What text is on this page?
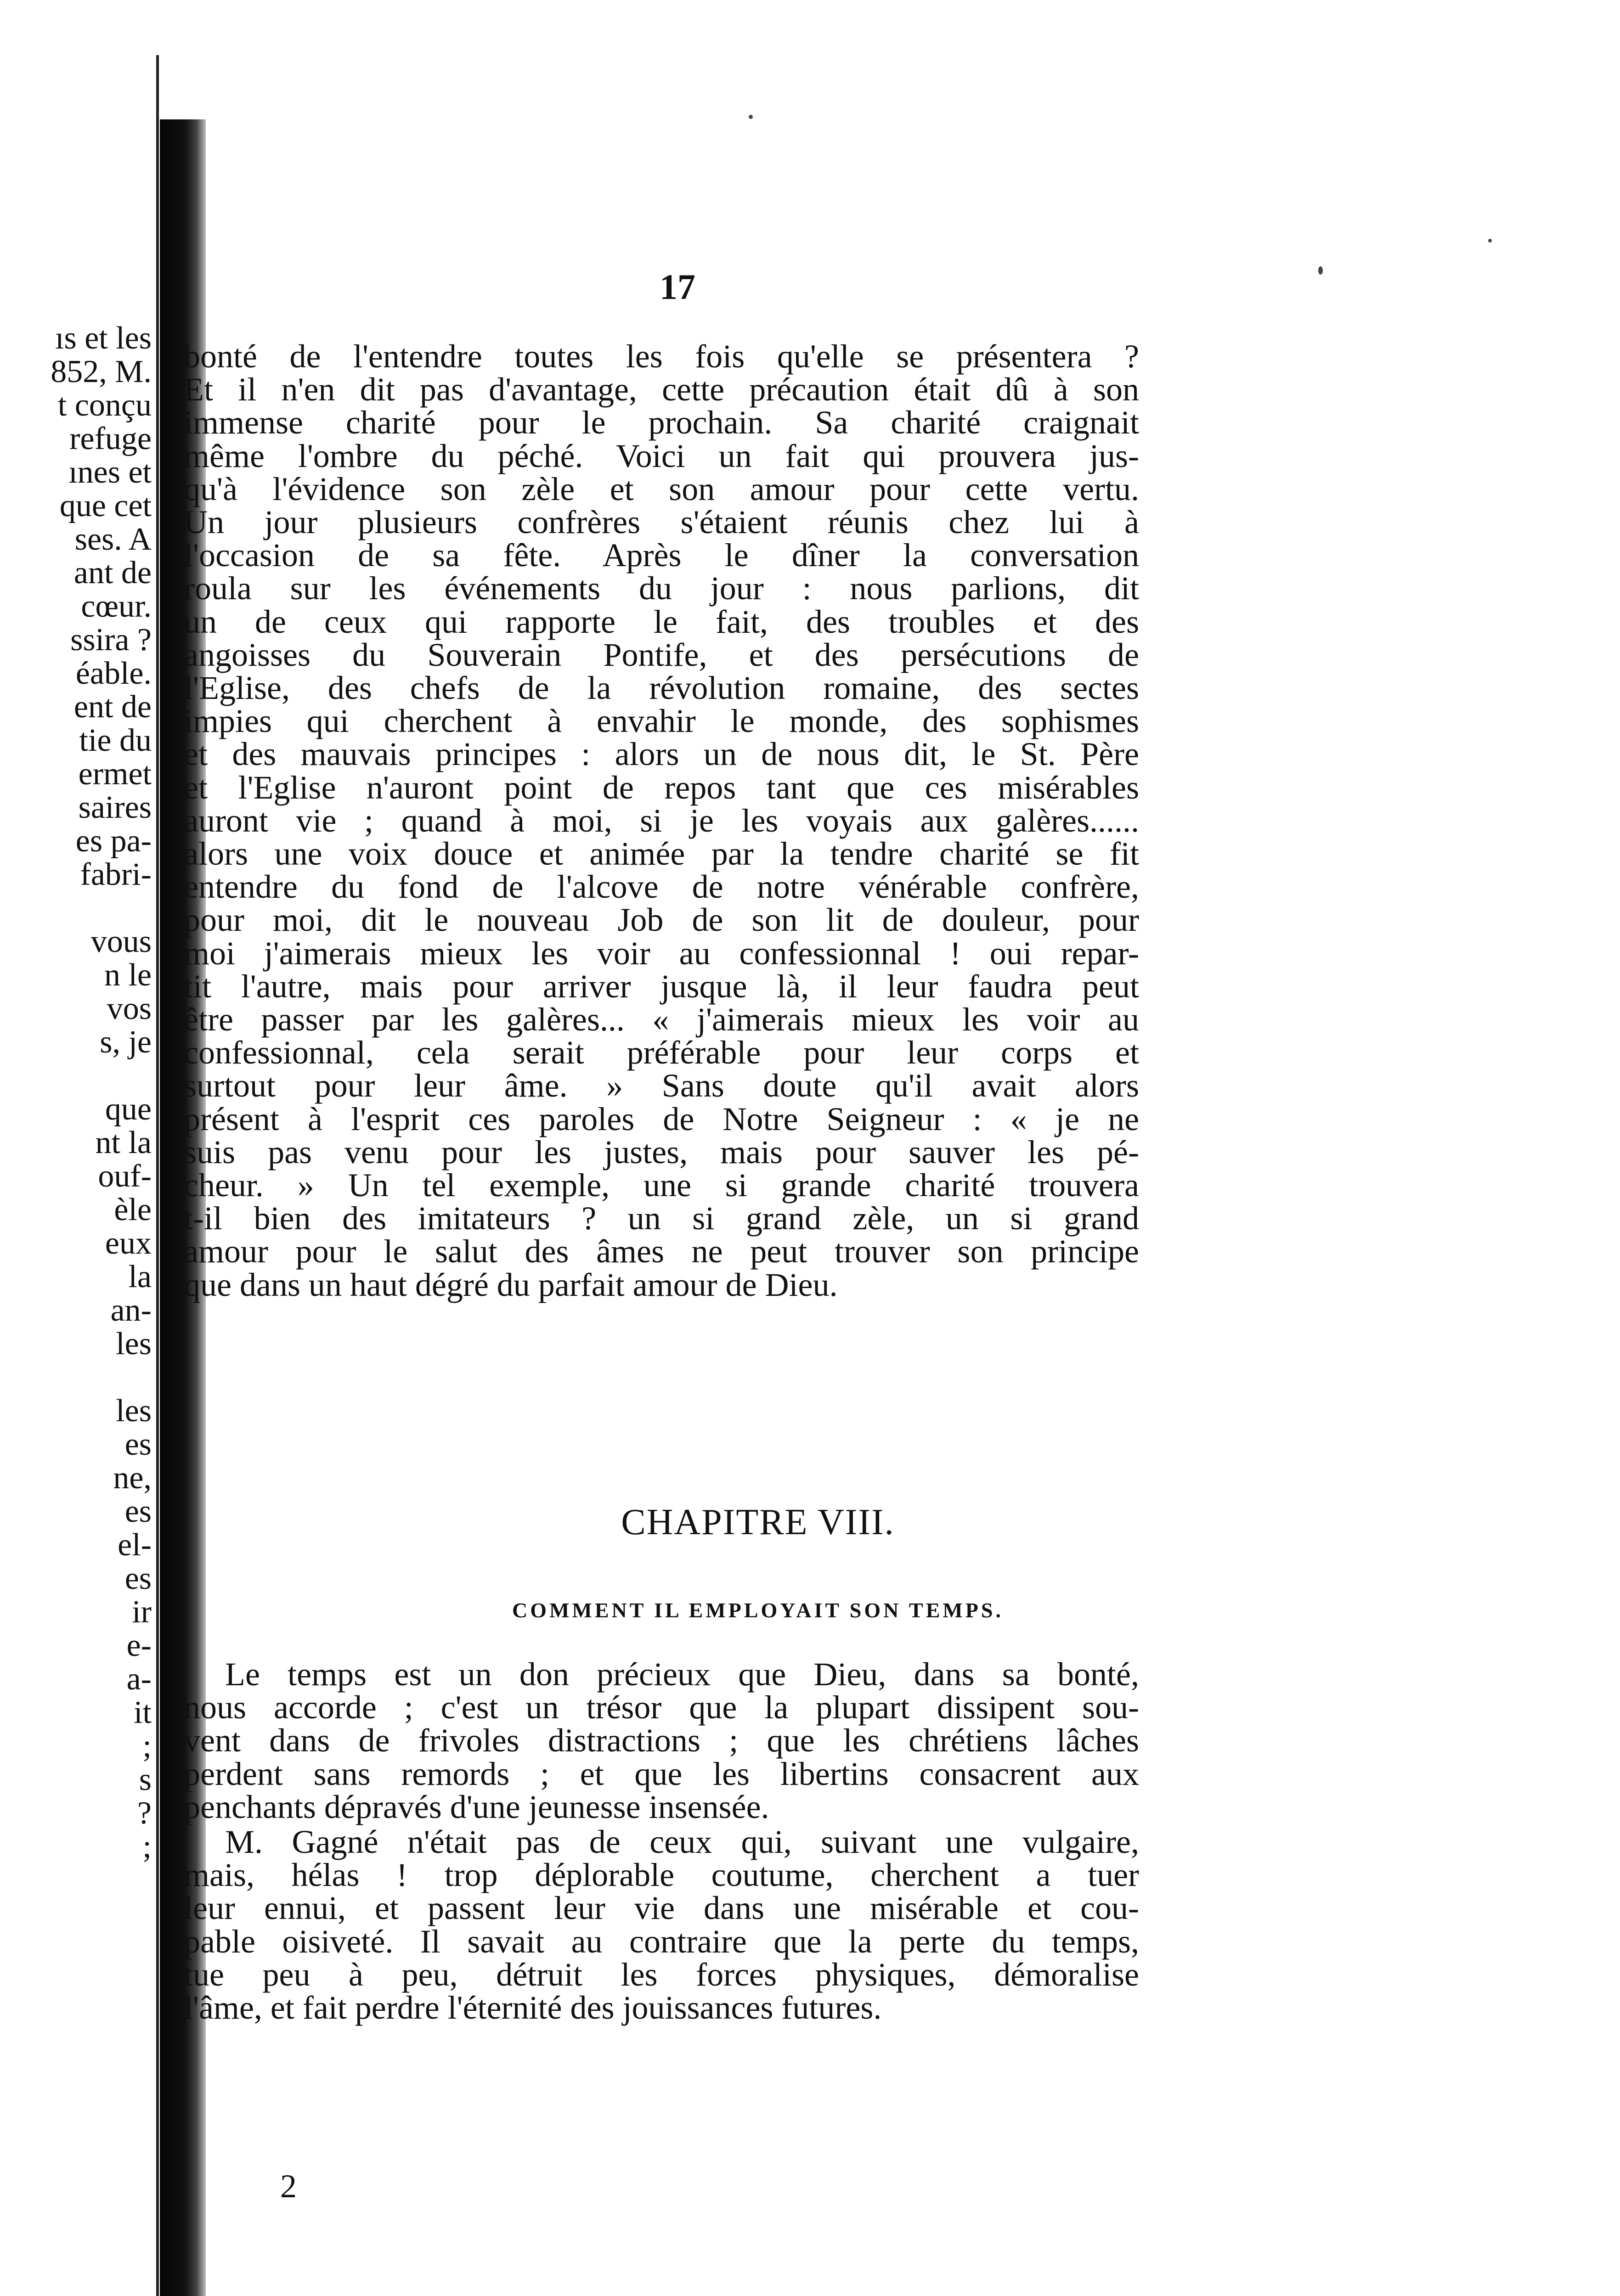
ıs et les
852, M.
t conçu
refuge
ınes et
que cet
ses. A
ant de
cœur.
ssira ?
éable.
ent de
tie du
ermet
saires
es pa-
fabri-
vous
n le
vos
s, je
que
nt la
ouf-
èle
eux
la
an-
les
les
es
ne,
es
el-
es
ir
e-
a-
it
;
s
?
;
17
bonté de l'entendre toutes les fois qu'elle se présentera ?
Et il n'en dit pas d'avantage, cette précaution était dû à son
immense charité pour le prochain. Sa charité craignait
même l'ombre du péché. Voici un fait qui prouvera jus-
qu'à l'évidence son zèle et son amour pour cette vertu.
Un jour plusieurs confrères s'étaient réunis chez lui à
l'occasion de sa fête. Après le dîner la conversation
roula sur les événements du jour : nous parlions, dit
un de ceux qui rapporte le fait, des troubles et des
angoisses du Souverain Pontife, et des persécutions de
l'Eglise, des chefs de la révolution romaine, des sectes
impies qui cherchent à envahir le monde, des sophismes
et des mauvais principes : alors un de nous dit, le St. Père
et l'Eglise n'auront point de repos tant que ces misérables
auront vie ; quand à moi, si je les voyais aux galères......
alors une voix douce et animée par la tendre charité se fit
entendre du fond de l'alcove de notre vénérable confrère,
pour moi, dit le nouveau Job de son lit de douleur, pour
moi j'aimerais mieux les voir au confessionnal ! oui repar-
tit l'autre, mais pour arriver jusque là, il leur faudra peut
être passer par les galères... « j'aimerais mieux les voir au
confessionnal, cela serait préférable pour leur corps et
surtout pour leur âme. » Sans doute qu'il avait alors
présent à l'esprit ces paroles de Notre Seigneur : « je ne
suis pas venu pour les justes, mais pour sauver les pé-
cheur. » Un tel exemple, une si grande charité trouvera
t-il bien des imitateurs ? un si grand zèle, un si grand
amour pour le salut des âmes ne peut trouver son principe
que dans un haut dégré du parfait amour de Dieu.
CHAPITRE VIII.
COMMENT IL EMPLOYAIT SON TEMPS.
Le temps est un don précieux que Dieu, dans sa bonté,
nous accorde ; c'est un trésor que la plupart dissipent sou-
vent dans de frivoles distractions ; que les chrétiens lâches
perdent sans remords ; et que les libertins consacrent aux
penchants dépravés d'une jeunesse insensée.
M. Gagné n'était pas de ceux qui, suivant une vulgaire,
mais, hélas ! trop déplorable coutume, cherchent a tuer
leur ennui, et passent leur vie dans une misérable et cou-
pable oisiveté. Il savait au contraire que la perte du temps,
tue peu à peu, détruit les forces physiques, démoralise
l'âme, et fait perdre l'éternité des jouissances futures.
2
